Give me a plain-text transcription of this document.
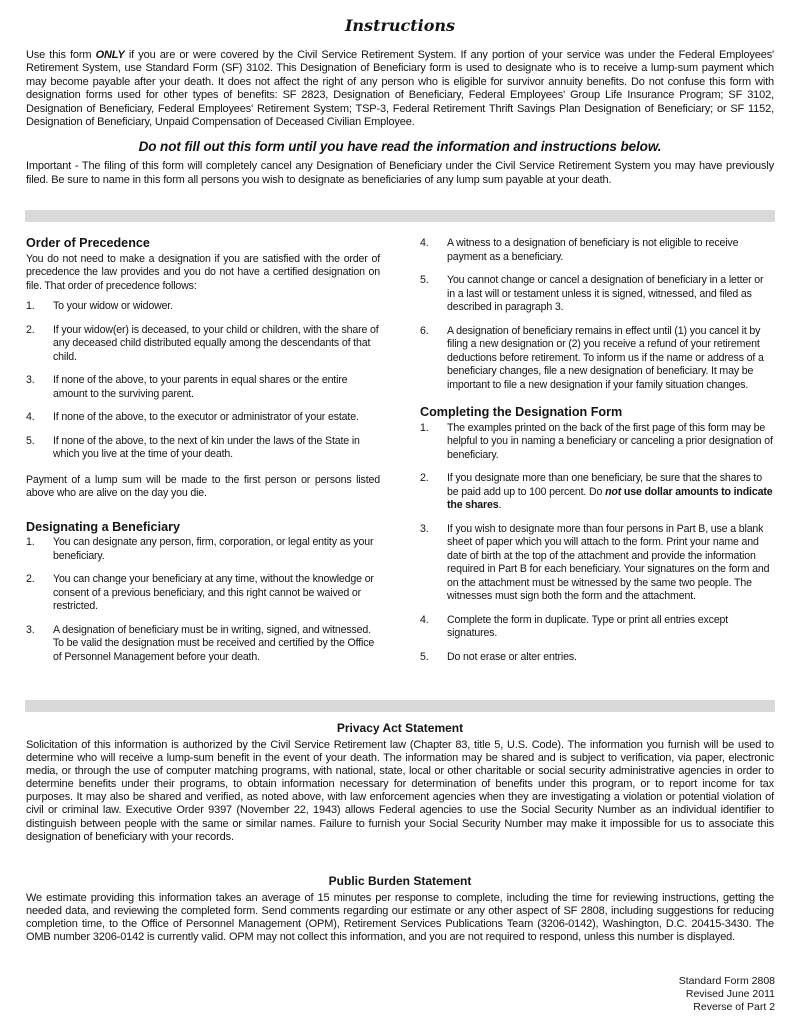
Instructions

Use this form ONLY if you are or were covered by the Civil Service Retirement System. If any portion of your service was under the Federal Employees' Retirement System, use Standard Form (SF) 3102. This Designation of Beneficiary form is used to designate who is to receive a lump-sum payment which may become payable after your death. It does not affect the right of any person who is eligible for survivor annuity benefits. Do not confuse this form with designation forms used for other types of benefits: SF 2823, Designation of Beneficiary, Federal Employees' Group Life Insurance Program; SF 3102, Designation of Beneficiary, Federal Employees' Retirement System; TSP-3, Federal Retirement Thrift Savings Plan Designation of Beneficiary; or SF 1152, Designation of Beneficiary, Unpaid Compensation of Deceased Civilian Employee.

Do not fill out this form until you have read the information and instructions below.

Important - The filing of this form will completely cancel any Designation of Beneficiary under the Civil Service Retirement System you may have previously filed. Be sure to name in this form all persons you wish to designate as beneficiaries of any lump sum payable at your death.

Order of Precedence

You do not need to make a designation if you are satisfied with the order of precedence the law provides and you do not have a certified designation on file. That order of precedence follows:

1.	To your widow or widower.
2.	If your widow(er) is deceased, to your child or children, with the share of any deceased child distributed equally among the descendants of that child.
3.	If none of the above, to your parents in equal shares or the entire amount to the surviving parent.
4.	If none of the above, to the executor or administrator of your estate.
5.	If none of the above, to the next of kin under the laws of the State in which you live at the time of your death.

Payment of a lump sum will be made to the first person or persons listed above who are alive on the day you die.

Designating a Beneficiary
1.	You can designate any person, firm, corporation, or legal entity as your beneficiary.
2.	You can change your beneficiary at any time, without the knowledge or consent of a previous beneficiary, and this right cannot be waived or restricted.
3.	A designation of beneficiary must be in writing, signed, and witnessed. To be valid the designation must be received and certified by the Office of Personnel Management before your death.
4.	A witness to a designation of beneficiary is not eligible to receive payment as a beneficiary.
5.	You cannot change or cancel a designation of beneficiary in a letter or in a last will or testament unless it is signed, witnessed, and filed as described in paragraph 3.
6.	A designation of beneficiary remains in effect until (1) you cancel it by filing a new designation or (2) you receive a refund of your retirement deductions before retirement. To inform us if the name or address of a beneficiary changes, file a new designation of beneficiary. It may be important to file a new designation if your family situation changes.
Completing the Designation Form
1.	The examples printed on the back of the first page of this form may be helpful to you in naming a beneficiary or canceling a prior designation of beneficiary.
2.	If you designate more than one beneficiary, be sure that the shares to be paid add up to 100 percent. Do not use dollar amounts to indicate the shares.
3.	If you wish to designate more than four persons in Part B, use a blank sheet of paper which you will attach to the form. Print your name and date of birth at the top of the attachment and provide the information required in Part B for each beneficiary. Your signatures on the form and on the attachment must be witnessed by the same two people. The witnesses must sign both the form and the attachment.
4.	Complete the form in duplicate. Type or print all entries except signatures.
5.	Do not erase or alter entries.
Privacy Act Statement

Solicitation of this information is authorized by the Civil Service Retirement law (Chapter 83, title 5, U.S. Code). The information you furnish will be used to determine who will receive a lump-sum benefit in the event of your death. The information may be shared and is subject to verification, via paper, electronic media, or through the use of computer matching programs, with national, state, local or other charitable or social security administrative agencies in order to determine benefits under their programs, to obtain information necessary for determination of benefits under this program, or to report income for tax purposes. It may also be shared and verified, as noted above, with law enforcement agencies when they are investigating a violation or potential violation of civil or criminal law. Executive Order 9397 (November 22, 1943) allows Federal agencies to use the Social Security Number as an individual identifier to distinguish between people with the same or similar names. Failure to furnish your Social Security Number may make it impossible for us to associate this designation of beneficiary with your records.

Public Burden Statement

We estimate providing this information takes an average of 15 minutes per response to complete, including the time for reviewing instructions, getting the needed data, and reviewing the completed form. Send comments regarding our estimate or any other aspect of SF 2808, including suggestions for reducing completion time, to the Office of Personnel Management (OPM), Retirement Services Publications Team (3206-0142), Washington, D.C. 20415-3430. The OMB number 3206-0142 is currently valid. OPM may not collect this information, and you are not required to respond, unless this number is displayed.

Standard Form 2808
Revised June 2011
Reverse of Part 2
